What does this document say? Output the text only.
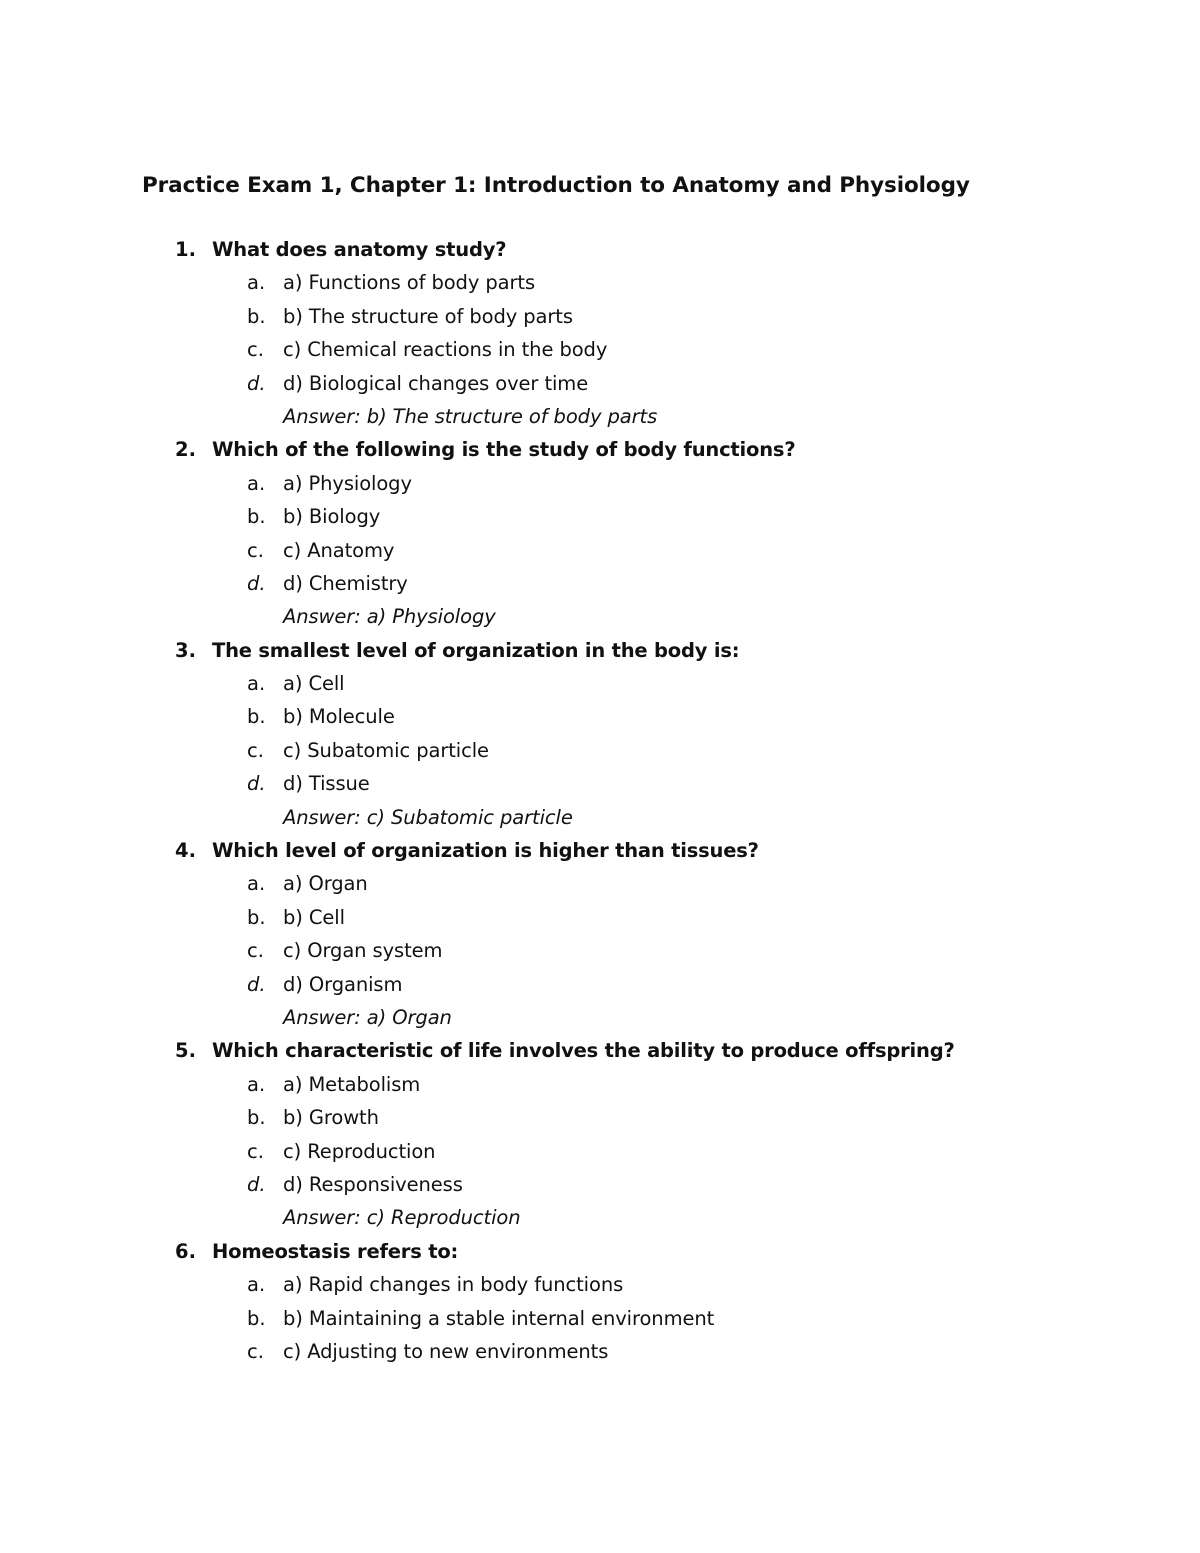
Practice Exam 1, Chapter 1: Introduction to Anatomy and Physiology
1. What does anatomy study?
a. a) Functions of body parts
b. b) The structure of body parts
c. c) Chemical reactions in the body
d. d) Biological changes over time
Answer: b) The structure of body parts
2. Which of the following is the study of body functions?
a. a) Physiology
b. b) Biology
c. c) Anatomy
d. d) Chemistry
Answer: a) Physiology
3. The smallest level of organization in the body is:
a. a) Cell
b. b) Molecule
c. c) Subatomic particle
d. d) Tissue
Answer: c) Subatomic particle
4. Which level of organization is higher than tissues?
a. a) Organ
b. b) Cell
c. c) Organ system
d. d) Organism
Answer: a) Organ
5. Which characteristic of life involves the ability to produce offspring?
a. a) Metabolism
b. b) Growth
c. c) Reproduction
d. d) Responsiveness
Answer: c) Reproduction
6. Homeostasis refers to:
a. a) Rapid changes in body functions
b. b) Maintaining a stable internal environment
c. c) Adjusting to new environments
